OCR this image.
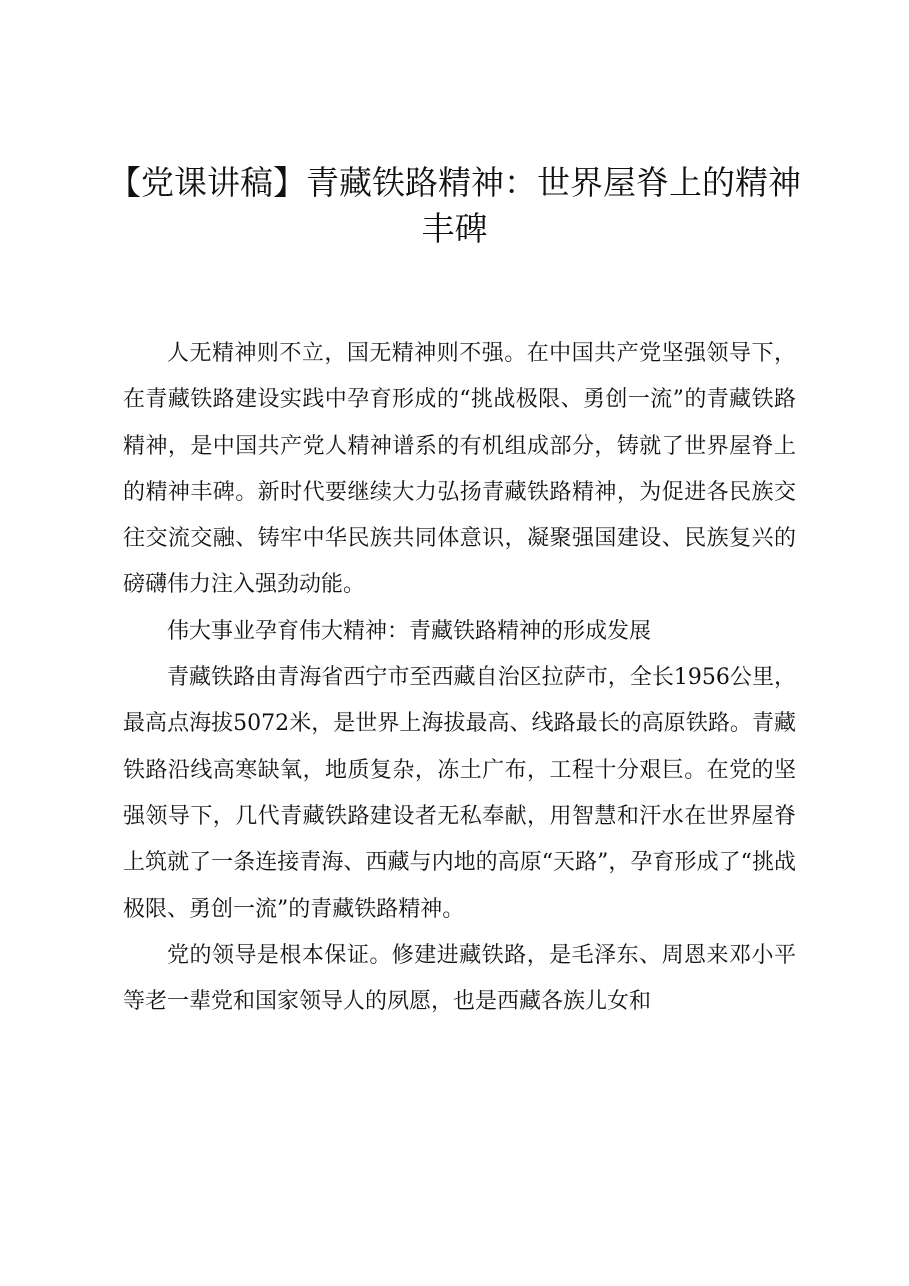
【党课讲稿】青藏铁路精神：世界屋脊上的精神丰碑

人无精神则不立，国无精神则不强。在中国共产党坚强领导下，在青藏铁路建设实践中孕育形成的“挑战极限、勇创一流”的青藏铁路精神，是中国共产党人精神谱系的有机组成部分，铸就了世界屋脊上的精神丰碑。新时代要继续大力弘扬青藏铁路精神，为促进各民族交往交流交融、铸牢中华民族共同体意识，凝聚强国建设、民族复兴的磅礴伟力注入强劲动能。

伟大事业孕育伟大精神：青藏铁路精神的形成发展

青藏铁路由青海省西宁市至西藏自治区拉萨市，全长1956公里，最高点海拔5072米，是世界上海拔最高、线路最长的高原铁路。青藏铁路沿线高寒缺氧，地质复杂，冻土广布，工程十分艰巨。在党的坚强领导下，几代青藏铁路建设者无私奉献，用智慧和汗水在世界屋脊上筑就了一条连接青海、西藏与内地的高原“天路”，孕育形成了“挑战极限、勇创一流”的青藏铁路精神。

党的领导是根本保证。修建进藏铁路，是毛泽东、周恩来邓小平等老一辈党和国家领导人的夙愿，也是西藏各族儿女和
